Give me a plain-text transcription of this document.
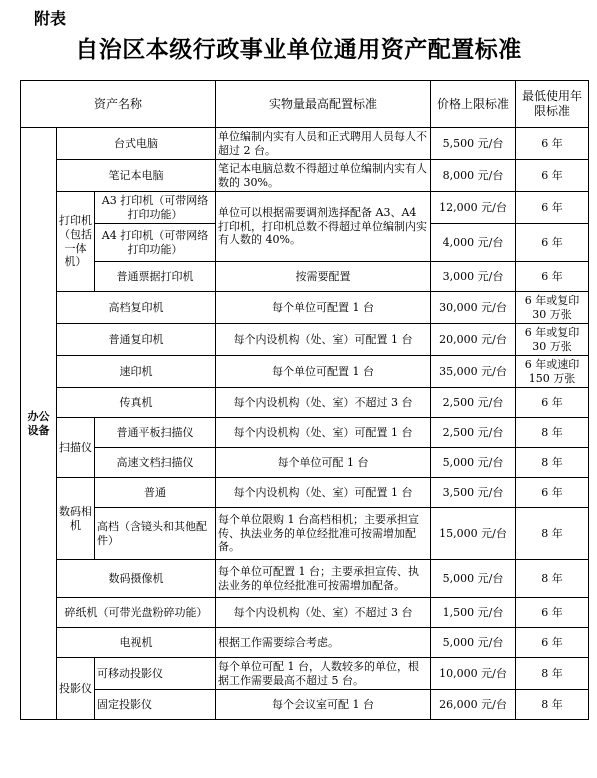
附表
自治区本级行政事业单位通用资产配置标准
资产名称			实物量最高配置标准	价格上限标准	最低使用年限标准
办公设备	台式电脑		单位编制内实有人员和正式聘用人员每人不超过 2 台。	5,500 元/台	6 年
	笔记本电脑		笔记本电脑总数不得超过单位编制内实有人数的 30%。	8,000 元/台	6 年
	打印机（包括一体机）	A3 打印机（可带网络打印功能）	单位可以根据需要调剂选择配备 A3、A4 打印机，打印机总数不得超过单位编制内实有人数的 40%。	12,000 元/台	6 年
		A4 打印机（可带网络打印功能）		4,000 元/台	6 年
		普通票据打印机	按需要配置	3,000 元/台	6 年
	高档复印机		每个单位可配置 1 台	30,000 元/台	6 年或复印 30 万张
	普通复印机		每个内设机构（处、室）可配置 1 台	20,000 元/台	6 年或复印 30 万张
	速印机		每个单位可配置 1 台	35,000 元/台	6 年或速印 150 万张
	传真机		每个内设机构（处、室）不超过 3 台	2,500 元/台	6 年
	扫描仪	普通平板扫描仪	每个内设机构（处、室）可配置 1 台	2,500 元/台	8 年
		高速文档扫描仪	每个单位可配 1 台	5,000 元/台	8 年
	数码相机	普通	每个内设机构（处、室）可配置 1 台	3,500 元/台	6 年
		高档（含镜头和其他配件）	每个单位限购 1 台高档相机；主要承担宣传、执法业务的单位经批准可按需增加配备。	15,000 元/台	8 年
	数码摄像机		每个单位可配置 1 台；主要承担宣传、执法业务的单位经批准可按需增加配备。	5,000 元/台	8 年
	碎纸机（可带光盘粉碎功能）		每个内设机构（处、室）不超过 3 台	1,500 元/台	6 年
	电视机		根据工作需要综合考虑。	5,000 元/台	6 年
	投影仪	可移动投影仪	每个单位可配 1 台，人数较多的单位，根据工作需要最高不超过 5 台。	10,000 元/台	8 年
		固定投影仪	每个会议室可配 1 台	26,000 元/台	8 年
